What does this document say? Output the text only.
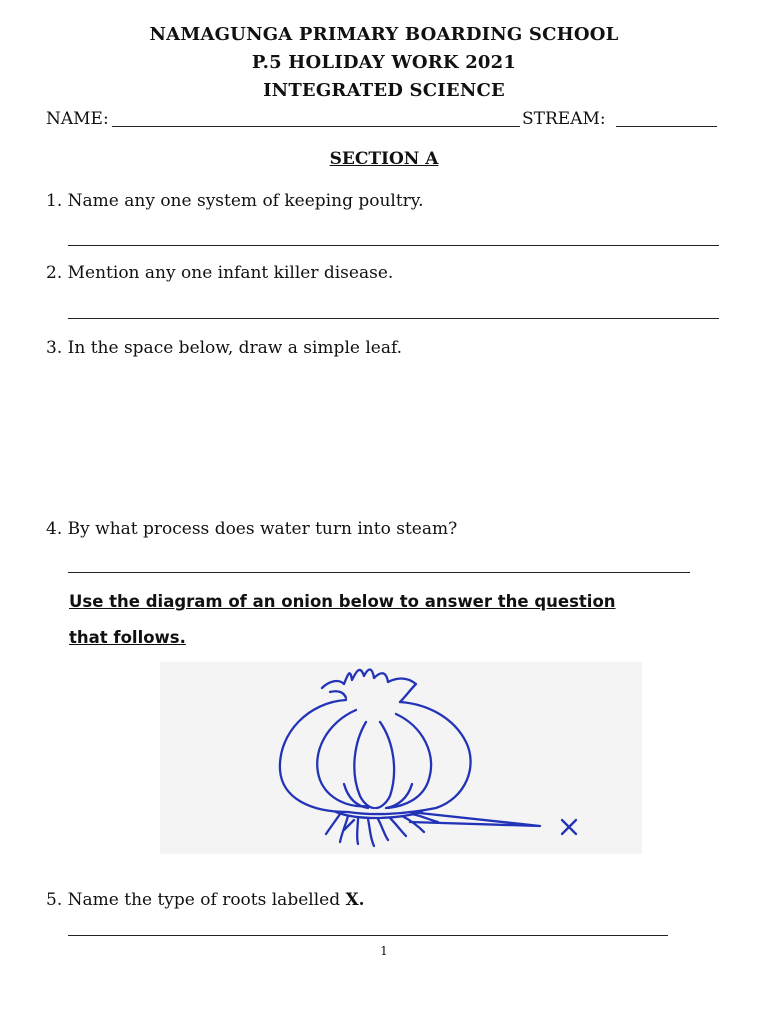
NAMAGUNGA PRIMARY BOARDING SCHOOL
P.5 HOLIDAY WORK 2021
INTEGRATED SCIENCE
NAME:	STREAM:
SECTION A
1. Name any one system of keeping poultry.
2. Mention any one infant killer disease.
3. In the space below, draw a simple leaf.
4. By what process does water turn into steam?
Use the diagram of an onion below to answer the question
that follows.
5. Name the type of roots labelled X.
1
